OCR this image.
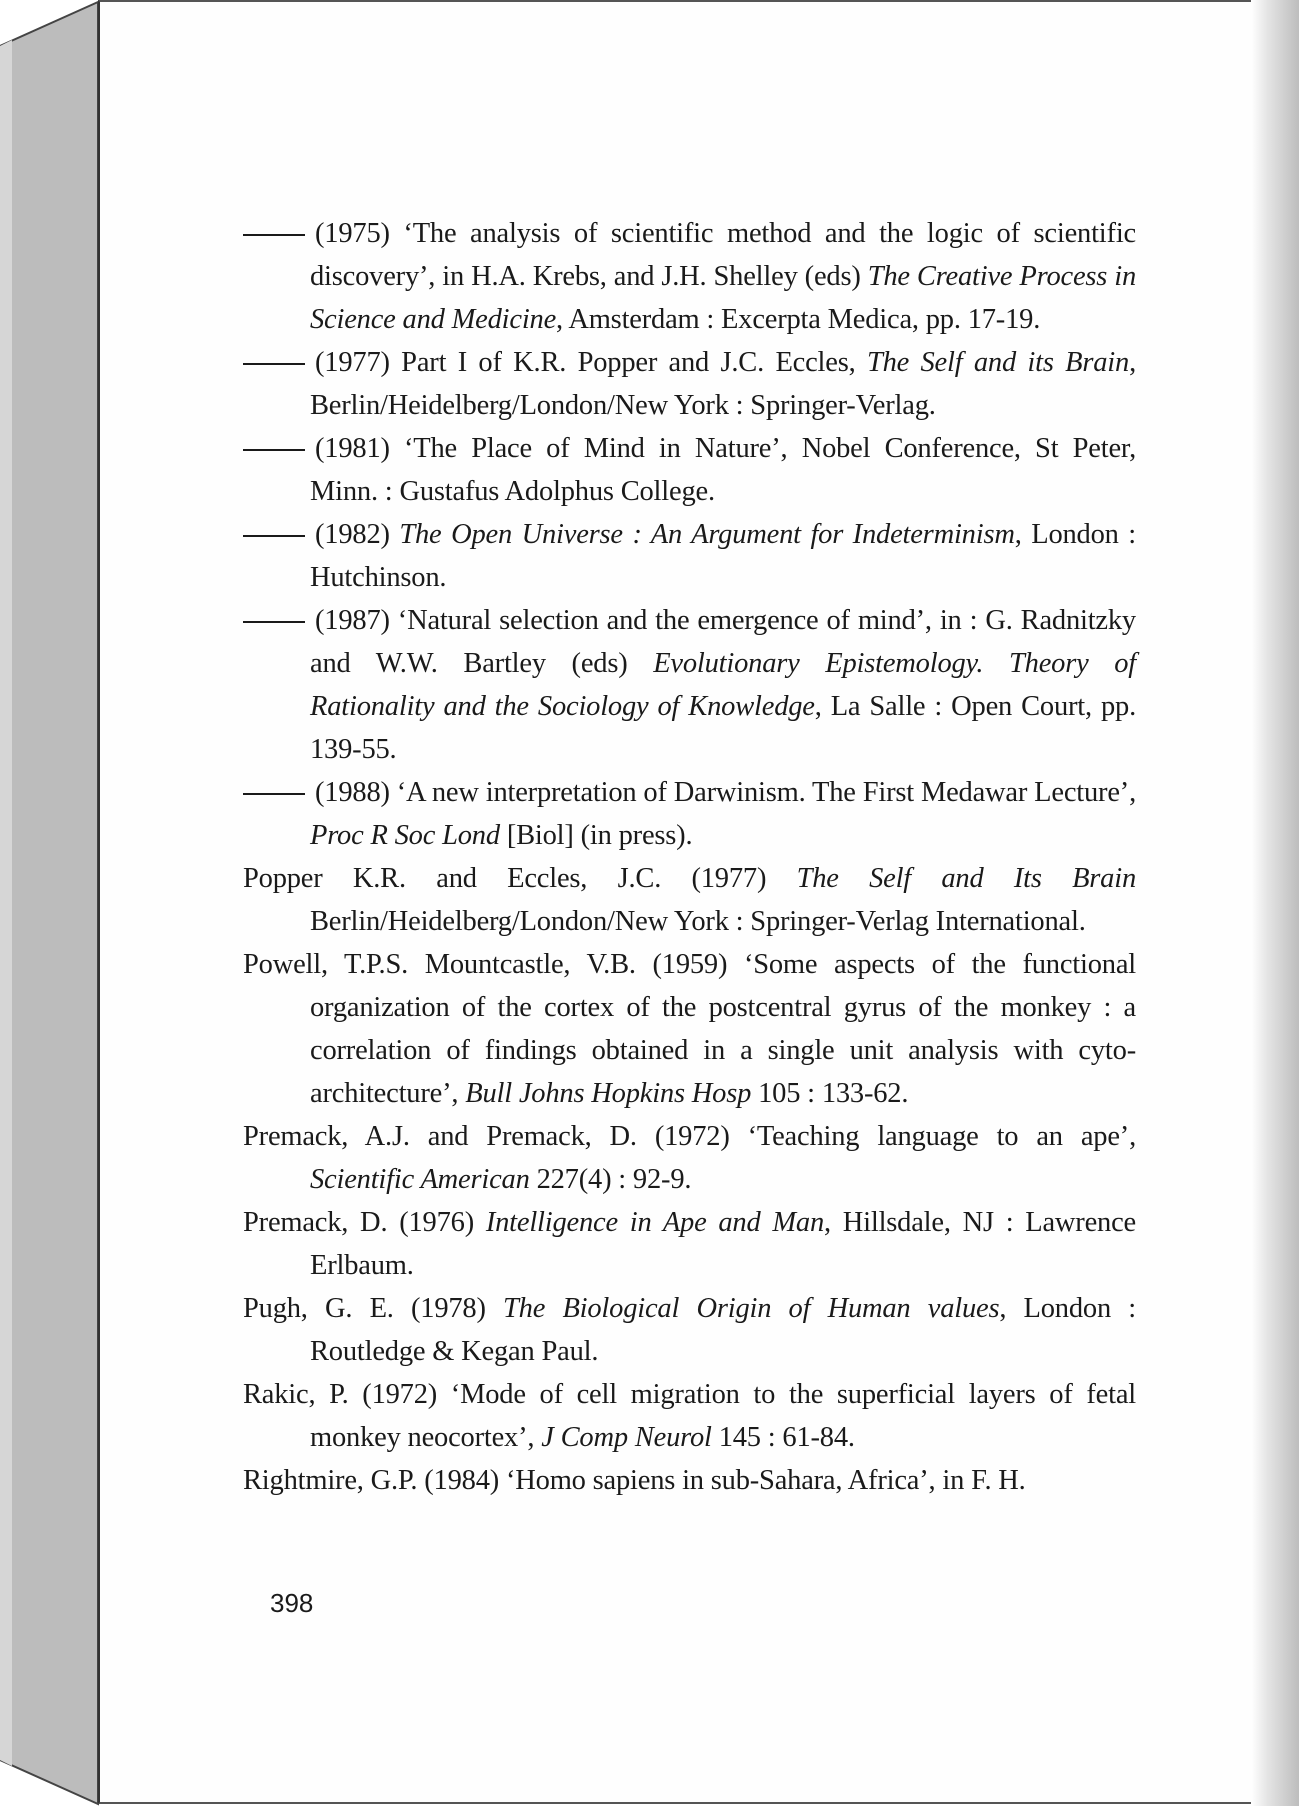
(1975) ‘The analysis of scientific method and the logic of scientific discovery’, in H.A. Krebs, and J.H. Shelley (eds) The Creative Process in Science and Medicine, Amsterdam : Excerpta Medica, pp. 17-19.
(1977) Part I of K.R. Popper and J.C. Eccles, The Self and its Brain, Berlin/Heidelberg/London/New York : Springer-Verlag.
(1981) ‘The Place of Mind in Nature’, Nobel Conference, St Peter, Minn. : Gustafus Adolphus College.
(1982) The Open Universe : An Argument for Indeterminism, London : Hutchinson.
(1987) ‘Natural selection and the emergence of mind’, in : G. Radnitzky and W.W. Bartley (eds) Evolutionary Epistemology. Theory of Rationality and the Sociology of Knowledge, La Salle : Open Court, pp. 139-55.
(1988) ‘A new interpretation of Darwinism. The First Medawar Lecture’, Proc R Soc Lond [Biol] (in press).
Popper K.R. and Eccles, J.C. (1977) The Self and Its Brain Berlin/Heidelberg/London/New York : Springer-Verlag International.
Powell, T.P.S. Mountcastle, V.B. (1959) ‘Some aspects of the functional organization of the cortex of the postcentral gyrus of the monkey : a correlation of findings obtained in a single unit analysis with cyto-architecture’, Bull Johns Hopkins Hosp 105 : 133-62.
Premack, A.J. and Premack, D. (1972) ‘Teaching language to an ape’, Scientific American 227(4) : 92-9.
Premack, D. (1976) Intelligence in Ape and Man, Hillsdale, NJ : Lawrence Erlbaum.
Pugh, G. E. (1978) The Biological Origin of Human values, London : Routledge & Kegan Paul.
Rakic, P. (1972) ‘Mode of cell migration to the superficial layers of fetal monkey neocortex’, J Comp Neurol 145 : 61-84.
Rightmire, G.P. (1984) ‘Homo sapiens in sub-Sahara, Africa’, in F. H.
398
